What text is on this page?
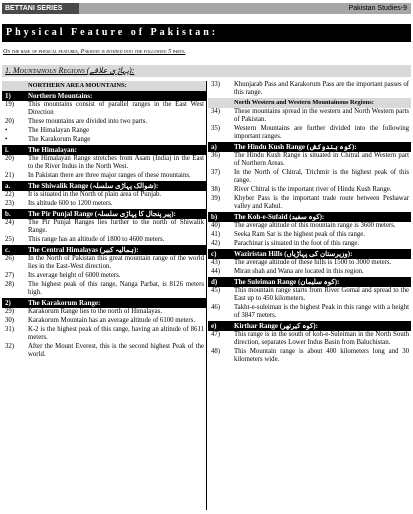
BETTANI SERIES	Pakistan Studies-9
Physical Feature of Pakistan:
On the base of physical features, Pakistan is divided into the following 5 parts.
1. Mountainous Regions (پہاڑی علاقے):
NORTHERN AREA MOUNTAINS:
1)	Northern Mountains:
19)	This mountains consist of parallel ranges in the East West Direction
20)	These mountains are divided into two parts.
•	The Himalayan Range
•	The Karakorum Range
i.	The Himalayan:
20)	The Himalayan Range stretches from Asam (India) in the East to the River Indus in the North West.
21)	In Pakistan there are three major ranges of these mountains.
a.	The Shiwalik Range (شوالک پہاڑی سلسلہ):
22)	It is situated in the North of plain area of Punjab.
23)	Its altitude 600 to 1200 meters.
b.	The Pir Punjal Range (پیر پنجال کا پہاڑی سلسلہ):
24)	The Pir Punjal Ranges lies further to the north of Shiwalik Range.
25)	This range has an altitude of 1800 to 4600 meters.
c.	The Central Himalayas (ہمالیہ کبیر):
26)	In the North of Pakistan this great mountain range of the world lies in the East-West direction.
27)	Its average height of 6000 meters.
28)	The highest peak of this range, Nanga Parbat, is 8126 meters high.
2)	The Karakorum Range:
29)	Karakorum Range lies to the north of Himalayas.
30)	Karakorum Mountain has an average altitude of 6100 meters.
31)	K-2 is the highest peak of this range, having an altitude of 8611 meters.
32)	After the Mount Everest, this is the second highest Peak of the world.
33)	Khunjarab Pass and Karakorum Pass are the important passes of this range.
North Western and Western Mountainous Regions:
34)	These mountains spread in the western and North Western parts of Pakistan.
35)	Western Mountains are further divided into the following important ranges.
a)	The Hindu Kush Range (کوہ ہندوکش):
36)	The Hindu Kush Range is situated in Chitral and Western part of Northern Areas.
37)	In the North of Chitral, Trichmir is the highest peak of this range.
38)	River Chitral is the important river of Hindu Kush Range.
39)	Khyber Pass is the important trade route between Peshawar valley and Kabul.
b)	The Koh-e-Sufaid (کوہ سفید):
40)	The average altitude of this mountain range is 3600 meters.
41)	Seeka Ram Sar is the highest peak of this range.
42)	Parachinar is situated in the foot of this range.
c)	Waziristan Hills (وزیرستان کی پہاڑیاں):
43)	The average altitude of these hills is 1500 to 3000 meters.
44)	Miran shah and Wana are located in this region.
d)	The Suleiman Range (کوہ سلیمان):
45)	This mountain range starts from River Gomal and spread to the East up to 450 kilometers.
46)	Takht-e-suleiman is the highest Peak in this range with a height of 3847 meters.
e)	Kirthar Range (کوہ کیرتھر):
47)	This range is in the south of koh-e-Suleiman in the North South direction, separates Lower Indus Basin from Baluchistan.
48)	This Mountain range is about 400 kilometers long and 30 kilometers wide.
